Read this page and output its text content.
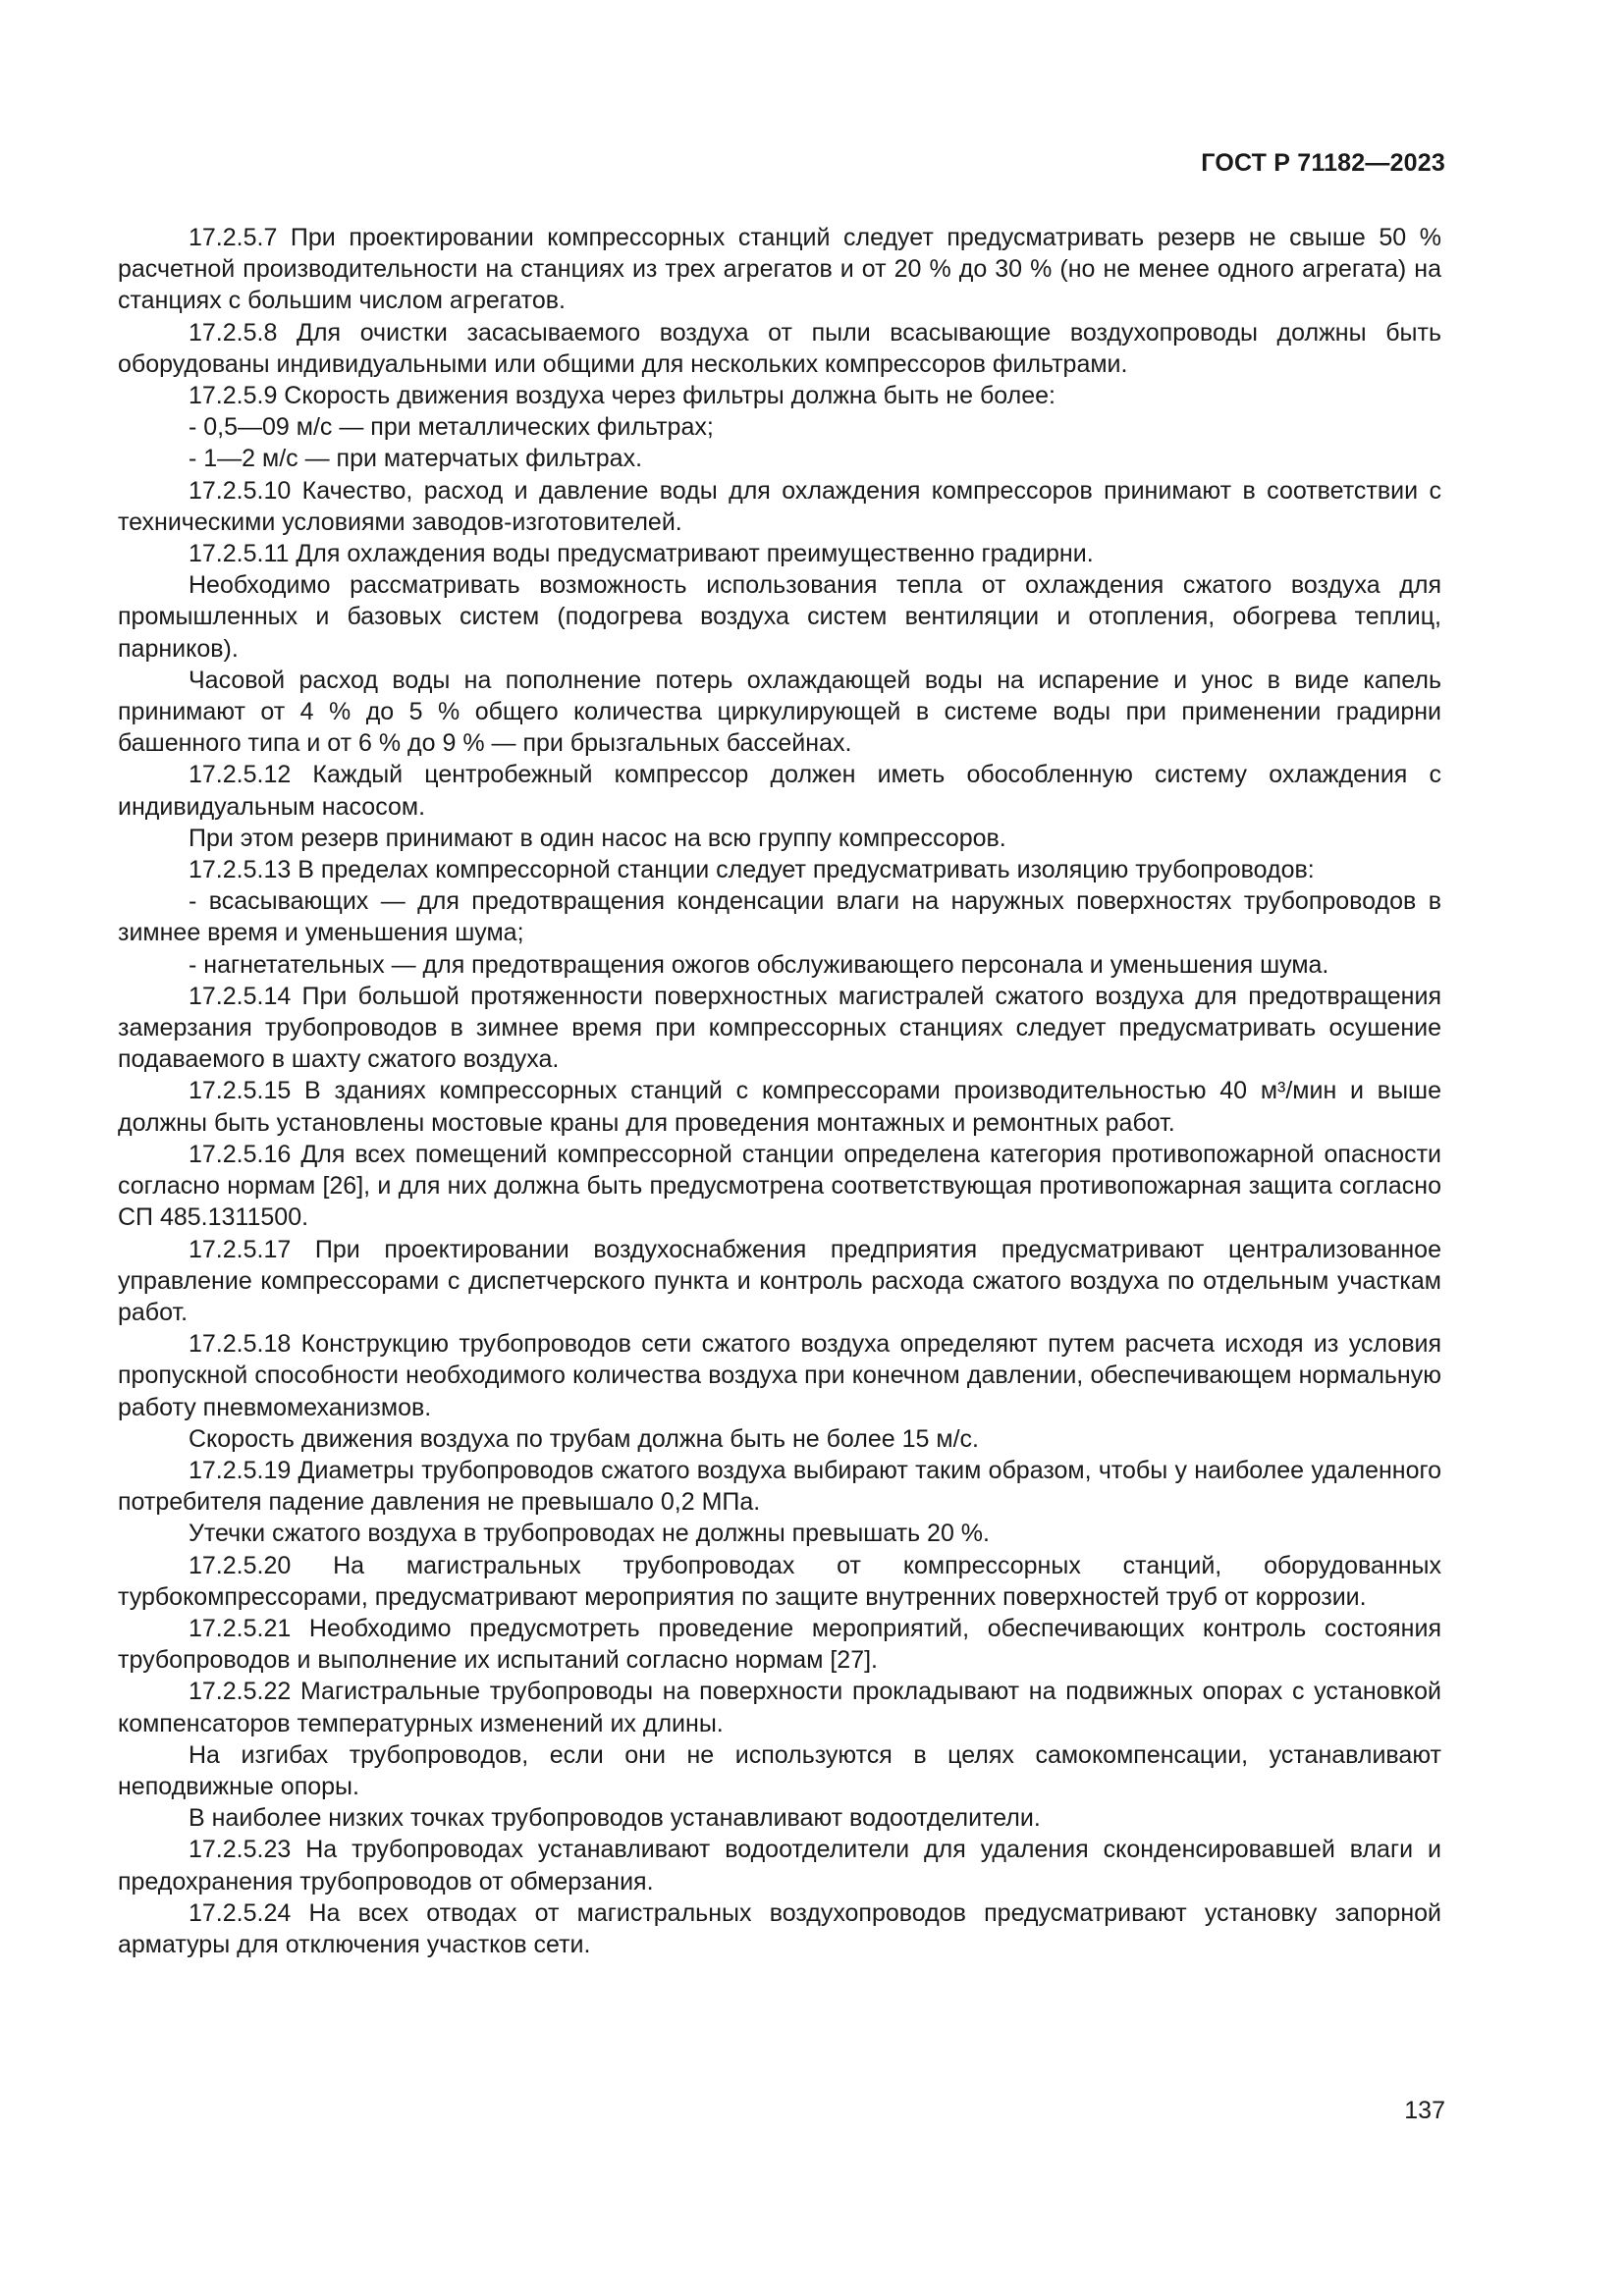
ГОСТ Р 71182—2023

17.2.5.7 При проектировании компрессорных станций следует предусматривать резерв не свыше 50 % расчетной производительности на станциях из трех агрегатов и от 20 % до 30 % (но не менее одного агрегата) на станциях с большим числом агрегатов.

17.2.5.8 Для очистки засасываемого воздуха от пыли всасывающие воздухопроводы должны быть оборудованы индивидуальными или общими для нескольких компрессоров фильтрами.

17.2.5.9 Скорость движения воздуха через фильтры должна быть не более:

- 0,5—09 м/с — при металлических фильтрах;

- 1—2 м/с — при матерчатых фильтрах.

17.2.5.10 Качество, расход и давление воды для охлаждения компрессоров принимают в соответствии с техническими условиями заводов-изготовителей.

17.2.5.11 Для охлаждения воды предусматривают преимущественно градирни.

Необходимо рассматривать возможность использования тепла от охлаждения сжатого воздуха для промышленных и базовых систем (подогрева воздуха систем вентиляции и отопления, обогрева теплиц, парников).

Часовой расход воды на пополнение потерь охлаждающей воды на испарение и унос в виде капель принимают от 4 % до 5 % общего количества циркулирующей в системе воды при применении градирни башенного типа и от 6 % до 9 % — при брызгальных бассейнах.

17.2.5.12 Каждый центробежный компрессор должен иметь обособленную систему охлаждения с индивидуальным насосом.

При этом резерв принимают в один насос на всю группу компрессоров.

17.2.5.13 В пределах компрессорной станции следует предусматривать изоляцию трубопроводов:

- всасывающих — для предотвращения конденсации влаги на наружных поверхностях трубопроводов в зимнее время и уменьшения шума;

- нагнетательных — для предотвращения ожогов обслуживающего персонала и уменьшения шума.

17.2.5.14 При большой протяженности поверхностных магистралей сжатого воздуха для предотвращения замерзания трубопроводов в зимнее время при компрессорных станциях следует предусматривать осушение подаваемого в шахту сжатого воздуха.

17.2.5.15 В зданиях компрессорных станций с компрессорами производительностью 40 м³/мин и выше должны быть установлены мостовые краны для проведения монтажных и ремонтных работ.

17.2.5.16 Для всех помещений компрессорной станции определена категория противопожарной опасности согласно нормам [26], и для них должна быть предусмотрена соответствующая противопожарная защита согласно СП 485.1311500.

17.2.5.17 При проектировании воздухоснабжения предприятия предусматривают централизованное управление компрессорами с диспетчерского пункта и контроль расхода сжатого воздуха по отдельным участкам работ.

17.2.5.18 Конструкцию трубопроводов сети сжатого воздуха определяют путем расчета исходя из условия пропускной способности необходимого количества воздуха при конечном давлении, обеспечивающем нормальную работу пневмомеханизмов.

Скорость движения воздуха по трубам должна быть не более 15 м/с.

17.2.5.19 Диаметры трубопроводов сжатого воздуха выбирают таким образом, чтобы у наиболее удаленного потребителя падение давления не превышало 0,2 МПа.

Утечки сжатого воздуха в трубопроводах не должны превышать 20 %.

17.2.5.20 На магистральных трубопроводах от компрессорных станций, оборудованных турбокомпрессорами, предусматривают мероприятия по защите внутренних поверхностей труб от коррозии.

17.2.5.21 Необходимо предусмотреть проведение мероприятий, обеспечивающих контроль состояния трубопроводов и выполнение их испытаний согласно нормам [27].

17.2.5.22 Магистральные трубопроводы на поверхности прокладывают на подвижных опорах с установкой компенсаторов температурных изменений их длины.

На изгибах трубопроводов, если они не используются в целях самокомпенсации, устанавливают неподвижные опоры.

В наиболее низких точках трубопроводов устанавливают водоотделители.

17.2.5.23 На трубопроводах устанавливают водоотделители для удаления сконденсировавшей влаги и предохранения трубопроводов от обмерзания.

17.2.5.24 На всех отводах от магистральных воздухопроводов предусматривают установку запорной арматуры для отключения участков сети.

137
